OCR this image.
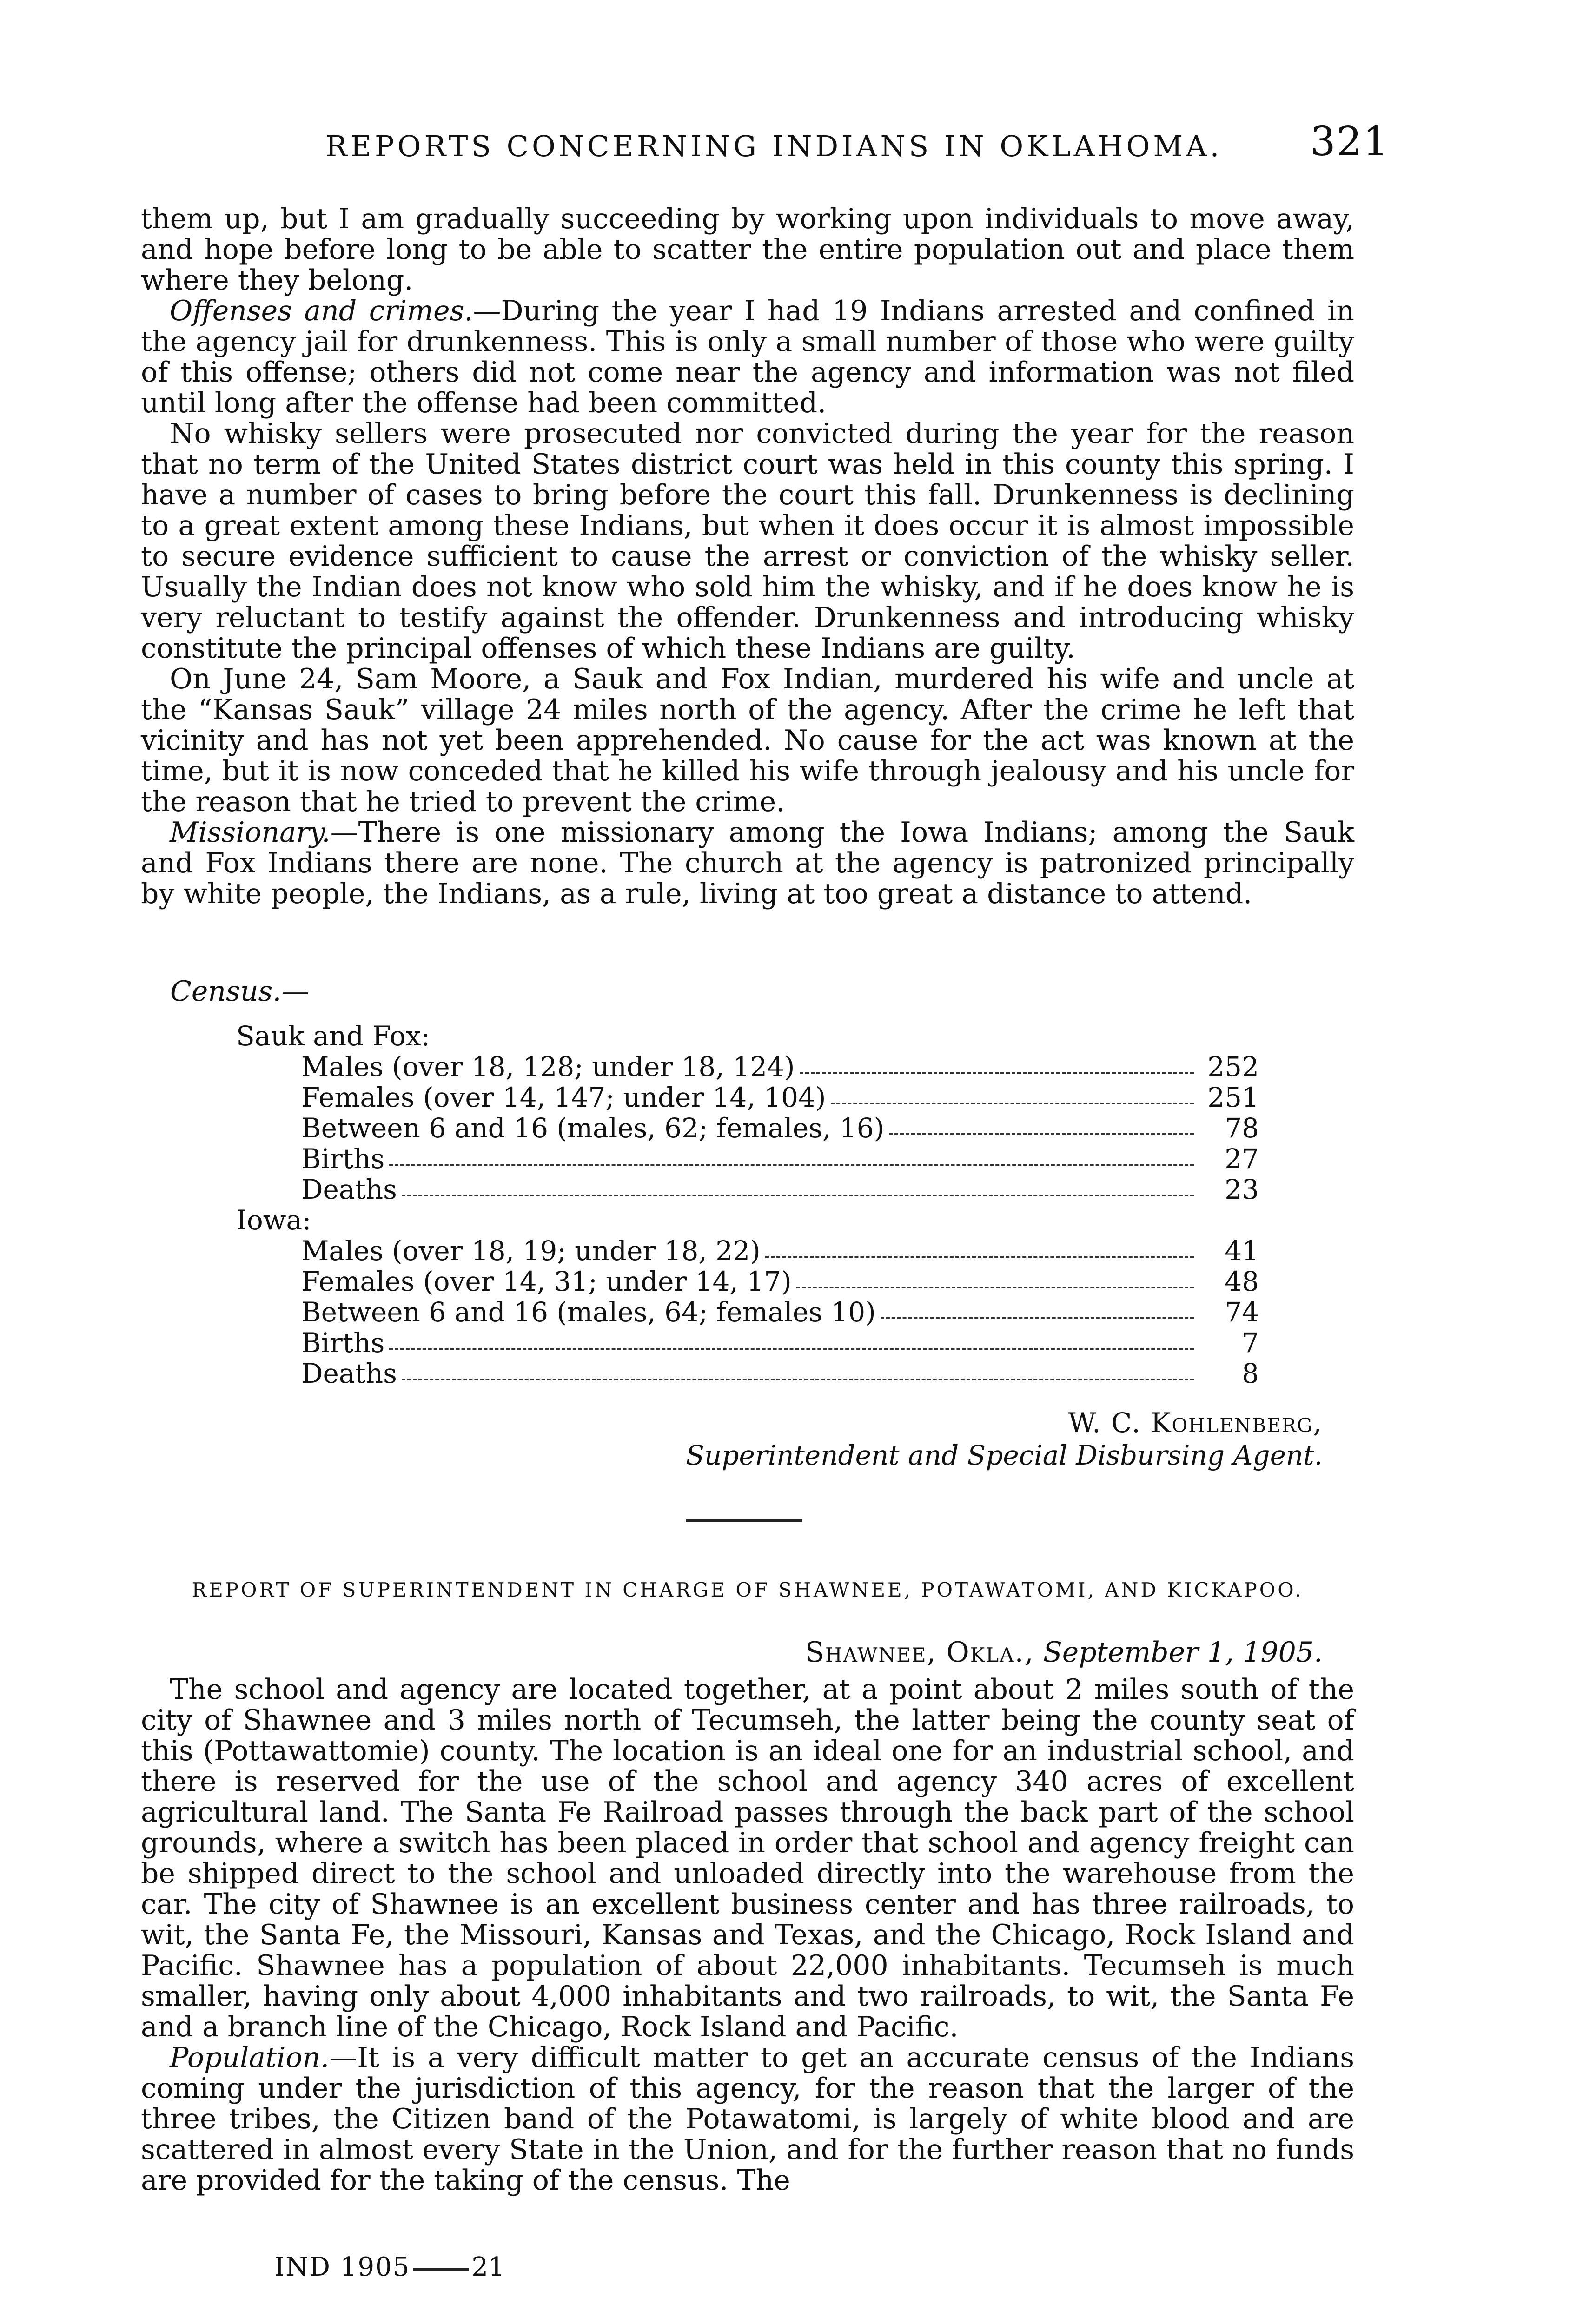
REPORTS CONCERNING INDIANS IN OKLAHOMA. 321

them up, but I am gradually succeeding by working upon individuals to move away, and hope before long to be able to scatter the entire population out and place them where they belong.

Offenses and crimes.—During the year I had 19 Indians arrested and confined in the agency jail for drunkenness. This is only a small number of those who were guilty of this offense; others did not come near the agency and information was not filed until long after the offense had been committed.

No whisky sellers were prosecuted nor convicted during the year for the reason that no term of the United States district court was held in this county this spring. I have a number of cases to bring before the court this fall. Drunkenness is declining to a great extent among these Indians, but when it does occur it is almost impossible to secure evidence sufficient to cause the arrest or conviction of the whisky seller. Usually the Indian does not know who sold him the whisky, and if he does know he is very reluctant to testify against the offender. Drunkenness and introducing whisky constitute the principal offenses of which these Indians are guilty.

On June 24, Sam Moore, a Sauk and Fox Indian, murdered his wife and uncle at the “Kansas Sauk” village 24 miles north of the agency. After the crime he left that vicinity and has not yet been apprehended. No cause for the act was known at the time, but it is now conceded that he killed his wife through jealousy and his uncle for the reason that he tried to prevent the crime.

Missionary.—There is one missionary among the Iowa Indians; among the Sauk and Fox Indians there are none. The church at the agency is patronized principally by white people, the Indians, as a rule, living at too great a distance to attend.

Census.—
Sauk and Fox:
Males (over 18, 128; under 18, 124)	252
Females (over 14, 147; under 14, 104)	251
Between 6 and 16 (males, 62; females, 16)	78
Births	27
Deaths	23
Iowa:
Males (over 18, 19; under 18, 22)	41
Females (over 14, 31; under 14, 17)	48
Between 6 and 16 (males, 64; females 10)	74
Births	7
Deaths	8
W. C. Kohlenberg,
Superintendent and Special Disbursing Agent.
REPORT OF SUPERINTENDENT IN CHARGE OF SHAWNEE, POTAWATOMI, AND KICKAPOO.
Shawnee, Okla., September 1, 1905.

The school and agency are located together, at a point about 2 miles south of the city of Shawnee and 3 miles north of Tecumseh, the latter being the county seat of this (Pottawattomie) county. The location is an ideal one for an industrial school, and there is reserved for the use of the school and agency 340 acres of excellent agricultural land. The Santa Fe Railroad passes through the back part of the school grounds, where a switch has been placed in order that school and agency freight can be shipped direct to the school and unloaded directly into the warehouse from the car. The city of Shawnee is an excellent business center and has three railroads, to wit, the Santa Fe, the Missouri, Kansas and Texas, and the Chicago, Rock Island and Pacific. Shawnee has a population of about 22,000 inhabitants. Tecumseh is much smaller, having only about 4,000 inhabitants and two railroads, to wit, the Santa Fe and a branch line of the Chicago, Rock Island and Pacific.

Population.—It is a very difficult matter to get an accurate census of the Indians coming under the jurisdiction of this agency, for the reason that the larger of the three tribes, the Citizen band of the Potawatomi, is largely of white blood and are scattered in almost every State in the Union, and for the further reason that no funds are provided for the taking of the census. The

IND 1905 21
